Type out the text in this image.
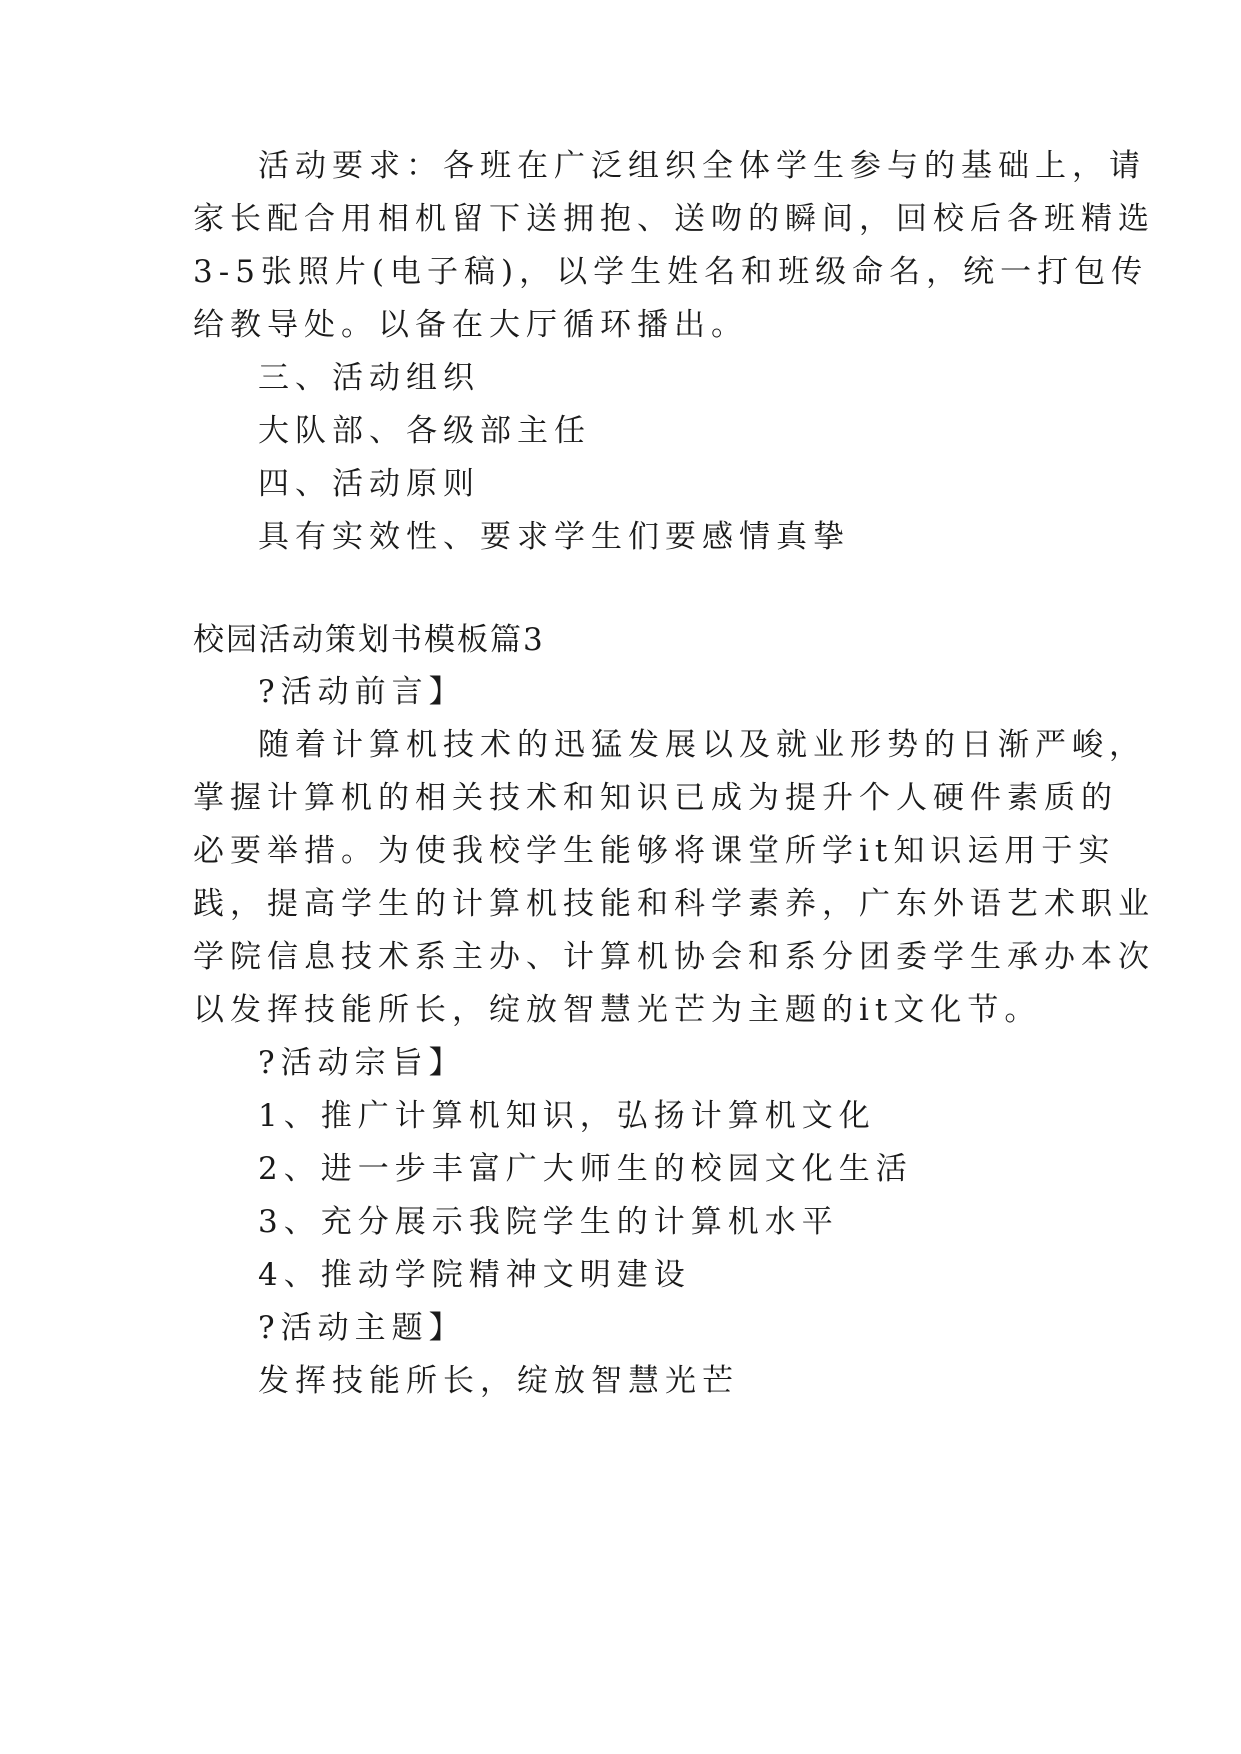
活动要求：各班在广泛组织全体学生参与的基础上，请
家长配合用相机留下送拥抱、送吻的瞬间，回校后各班精选
3-5张照片(电子稿)，以学生姓名和班级命名，统一打包传
给教导处。以备在大厅循环播出。
三、活动组织
大队部、各级部主任
四、活动原则
具有实效性、要求学生们要感情真挚
校园活动策划书模板篇3
?活动前言】
随着计算机技术的迅猛发展以及就业形势的日渐严峻，
掌握计算机的相关技术和知识已成为提升个人硬件素质的
必要举措。为使我校学生能够将课堂所学it知识运用于实
践，提高学生的计算机技能和科学素养，广东外语艺术职业
学院信息技术系主办、计算机协会和系分团委学生承办本次
以发挥技能所长，绽放智慧光芒为主题的it文化节。
?活动宗旨】
1、推广计算机知识，弘扬计算机文化
2、进一步丰富广大师生的校园文化生活
3、充分展示我院学生的计算机水平
4、推动学院精神文明建设
?活动主题】
发挥技能所长，绽放智慧光芒
